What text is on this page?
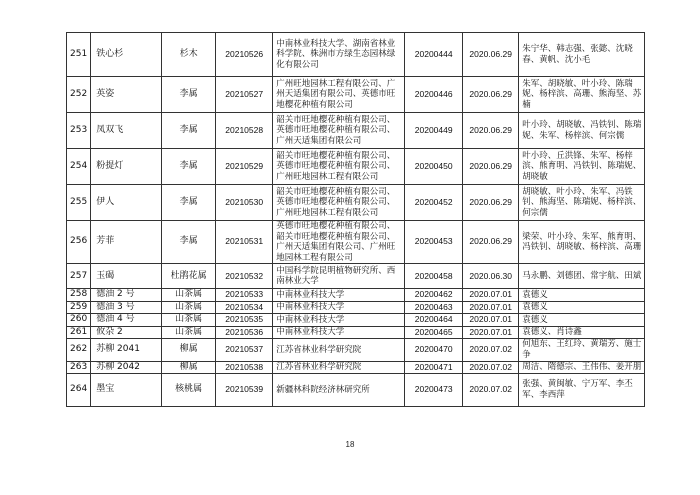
251	铁心杉	杉木	20210526	中南林业科技大学、湖南省林业科学院、株洲市方绿生态园林绿化有限公司	20200444	2020.06.29	朱宁华、韩志强、张懿、沈晓春、黄帆、沈小毛
252	英姿	李属	20210527	广州旺地园林工程有限公司、广州天适集团有限公司、英德市旺地樱花种植有限公司	20200446	2020.06.29	朱军、胡晓敏、叶小玲、陈瑞妮、杨梓滨、高珊、熊海坚、苏楠
253	凤双飞	李属	20210528	韶关市旺地樱花种植有限公司、英德市旺地樱花种植有限公司、广州天适集团有限公司	20200449	2020.06.29	叶小玲、胡晓敏、冯铁钊、陈瑞妮、朱军、杨梓滨、何宗儒
254	粉提灯	李属	20210529	韶关市旺地樱花种植有限公司、英德市旺地樱花种植有限公司、广州旺地园林工程有限公司	20200450	2020.06.29	叶小玲、丘洪锋、朱军、杨梓滨、熊育明、冯铁钊、陈瑞妮、胡晓敏
255	伊人	李属	20210530	韶关市旺地樱花种植有限公司、英德市旺地樱花种植有限公司、广州旺地园林工程有限公司	20200452	2020.06.29	胡晓敏、叶小玲、朱军、冯铁钊、熊海坚、陈瑞妮、杨梓滨、何宗儒
256	芳菲	李属	20210531	英德市旺地樱花种植有限公司、韶关市旺地樱花种植有限公司、广州天适集团有限公司、广州旺地园林工程有限公司	20200453	2020.06.29	梁荣、叶小玲、朱军、熊育明、冯铁钊、胡晓敏、杨梓滨、高珊
257	玉碣	杜鹃花属	20210532	中国科学院昆明植物研究所、西南林业大学	20200458	2020.06.30	马永鹏、刘德团、常宇航、田斌
258	德油 2 号	山茶属	20210533	中南林业科技大学	20200462	2020.07.01	袁德义
259	德油 3 号	山茶属	20210534	中南林业科技大学	20200463	2020.07.01	袁德义
260	德油 4 号	山茶属	20210535	中南林业科技大学	20200464	2020.07.01	袁德义
261	攸杂 2	山茶属	20210536	中南林业科技大学	20200465	2020.07.01	袁德义、肖诗鑫
262	苏柳 2041	柳属	20210537	江苏省林业科学研究院	20200470	2020.07.02	何旭东、王红玲、黄瑞芳、施士争
263	苏柳 2042	柳属	20210538	江苏省林业科学研究院	20200471	2020.07.02	周洁、隋德宗、王伟伟、姜开朋
264	墨宝	核桃属	20210539	新疆林科院经济林研究所	20200473	2020.07.02	张强、黄闽敏、宁万军、李丕军、李西萍
18
